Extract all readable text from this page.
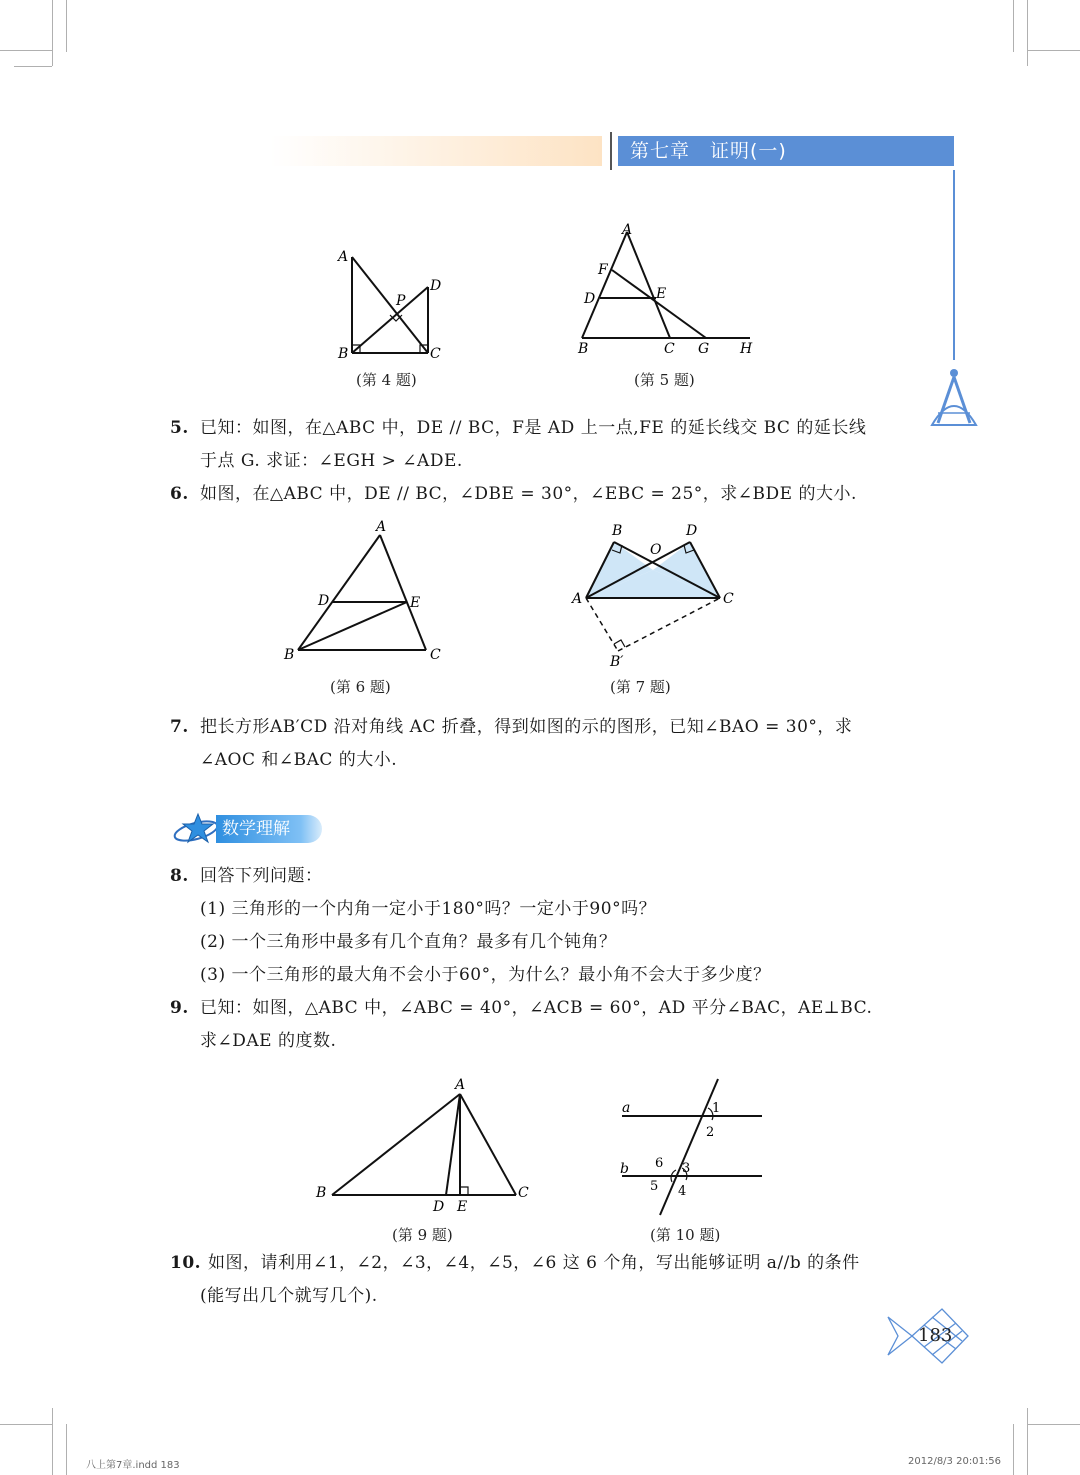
第七章　证明(一)
A
D
P
B	C
(第 4 题)
A
F
D	E
B	C G H
(第 5 题)
5. 已知：如图，在△ABC 中，DE // BC，F是 AD 上一点,FE 的延长线交 BC 的延长线
于点 G. 求证：∠EGH > ∠ADE.
6. 如图，在△ABC 中，DE // BC，∠DBE = 30°，∠EBC = 25°，求∠BDE 的大小.
A
D	E
B	C
(第 6 题)
B	D
O
A	C
B′
(第 7 题)
7. 把长方形AB′CD 沿对角线 AC 折叠，得到如图的示的图形，已知∠BAO = 30°，求
∠AOC 和∠BAC 的大小.
数学理解
8. 回答下列问题：
(1) 三角形的一个内角一定小于180°吗？一定小于90°吗？
(2) 一个三角形中最多有几个直角？最多有几个钝角？
(3) 一个三角形的最大角不会小于60°，为什么？最小角不会大于多少度？
9. 已知：如图，△ABC 中，∠ABC = 40°，∠ACB = 60°，AD 平分∠BAC，AE⊥BC.
求∠DAE 的度数.
A
B	C
D E
(第 9 题)
a
b
1
2
3
6
5 4
(第 10 题)
10. 如图，请利用∠1，∠2，∠3，∠4，∠5，∠6 这 6 个角，写出能够证明 a//b 的条件
(能写出几个就写几个).
183
八上第7章.indd 183	2012/8/3 20:01:56
